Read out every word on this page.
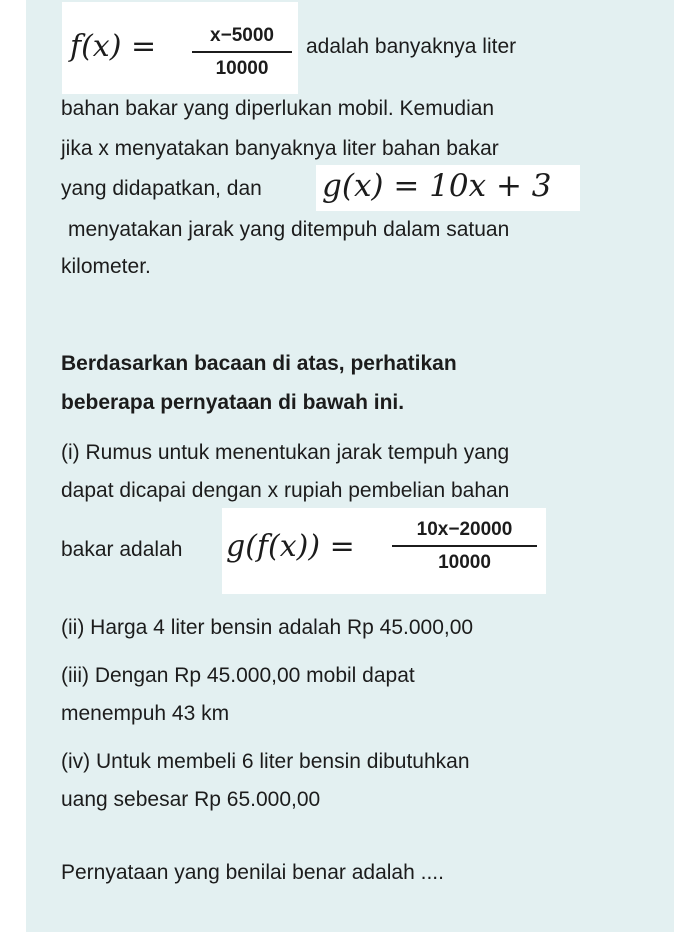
f(x) =	x−5000
10000
adalah banyaknya liter
bahan bakar yang diperlukan mobil. Kemudian
jika x menyatakan banyaknya liter bahan bakar
yang didapatkan, dan g(x) = 10x + 3
menyatakan jarak yang ditempuh dalam satuan
kilometer.
Berdasarkan bacaan di atas, perhatikan
beberapa pernyataan di bawah ini.
(i) Rumus untuk menentukan jarak tempuh yang
dapat dicapai dengan x rupiah pembelian bahan
bakar adalah g(f(x)) =	10x−20000
10000
(ii) Harga 4 liter bensin adalah Rp 45.000,00
(iii) Dengan Rp 45.000,00 mobil dapat
menempuh 43 km
(iv) Untuk membeli 6 liter bensin dibutuhkan
uang sebesar Rp 65.000,00
Pernyataan yang benilai benar adalah ....
